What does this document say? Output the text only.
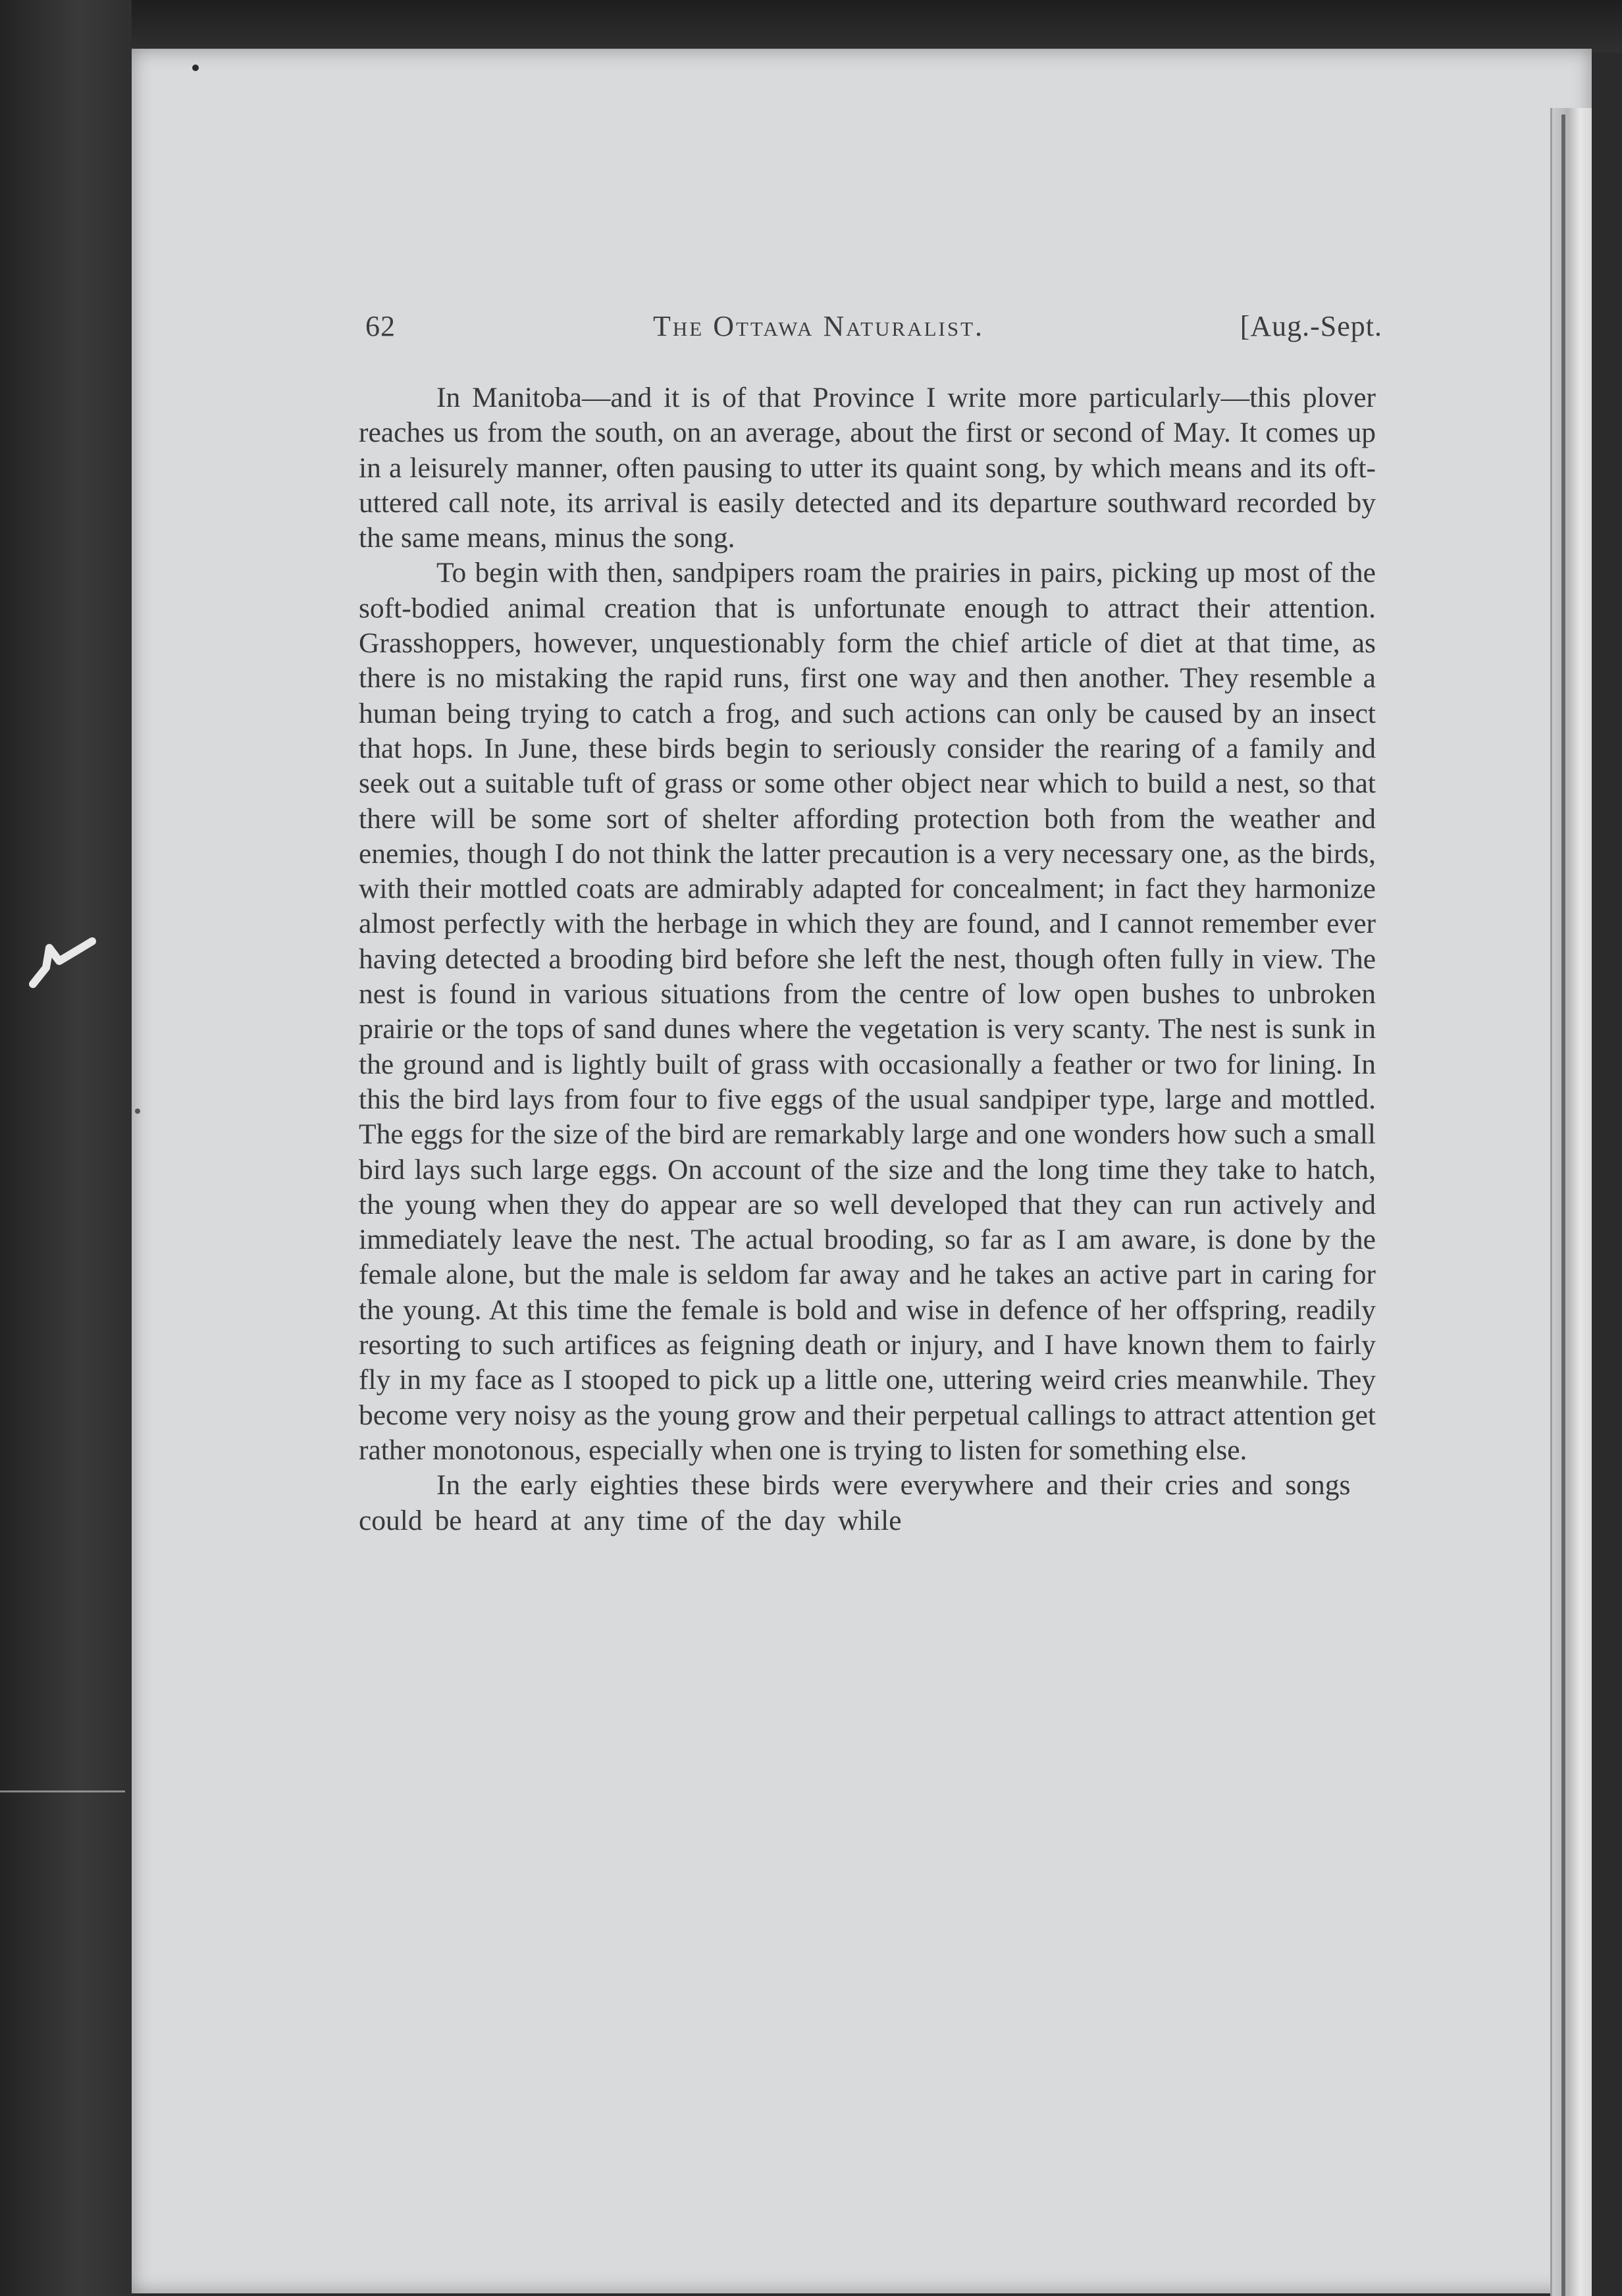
62	The Ottawa Naturalist.	[Aug.-Sept.

In Manitoba—and it is of that Province I write more particularly—this plover reaches us from the south, on an average, about the first or second of May. It comes up in a leisurely manner, often pausing to utter its quaint song, by which means and its oft-uttered call note, its arrival is easily detected and its departure southward recorded by the same means, minus the song.

To begin with then, sandpipers roam the prairies in pairs, picking up most of the soft-bodied animal creation that is unfortunate enough to attract their attention. Grasshoppers, however, unquestionably form the chief article of diet at that time, as there is no mistaking the rapid runs, first one way and then another. They resemble a human being trying to catch a frog, and such actions can only be caused by an insect that hops. In June, these birds begin to seriously consider the rearing of a family and seek out a suitable tuft of grass or some other object near which to build a nest, so that there will be some sort of shelter affording protection both from the weather and enemies, though I do not think the latter precaution is a very necessary one, as the birds, with their mottled coats are admirably adapted for concealment; in fact they harmonize almost perfectly with the herbage in which they are found, and I cannot remember ever having detected a brooding bird before she left the nest, though often fully in view. The nest is found in various situations from the centre of low open bushes to unbroken prairie or the tops of sand dunes where the vegetation is very scanty. The nest is sunk in the ground and is lightly built of grass with occasionally a feather or two for lining. In this the bird lays from four to five eggs of the usual sandpiper type, large and mottled. The eggs for the size of the bird are remarkably large and one wonders how such a small bird lays such large eggs. On account of the size and the long time they take to hatch, the young when they do appear are so well developed that they can run actively and immediately leave the nest. The actual brooding, so far as I am aware, is done by the female alone, but the male is seldom far away and he takes an active part in caring for the young. At this time the female is bold and wise in defence of her offspring, readily resorting to such artifices as feigning death or injury, and I have known them to fairly fly in my face as I stooped to pick up a little one, uttering weird cries meanwhile. They become very noisy as the young grow and their perpetual callings to attract attention get rather monotonous, especially when one is trying to listen for something else.

In the early eighties these birds were everywhere and their cries and songs could be heard at any time of the day while
